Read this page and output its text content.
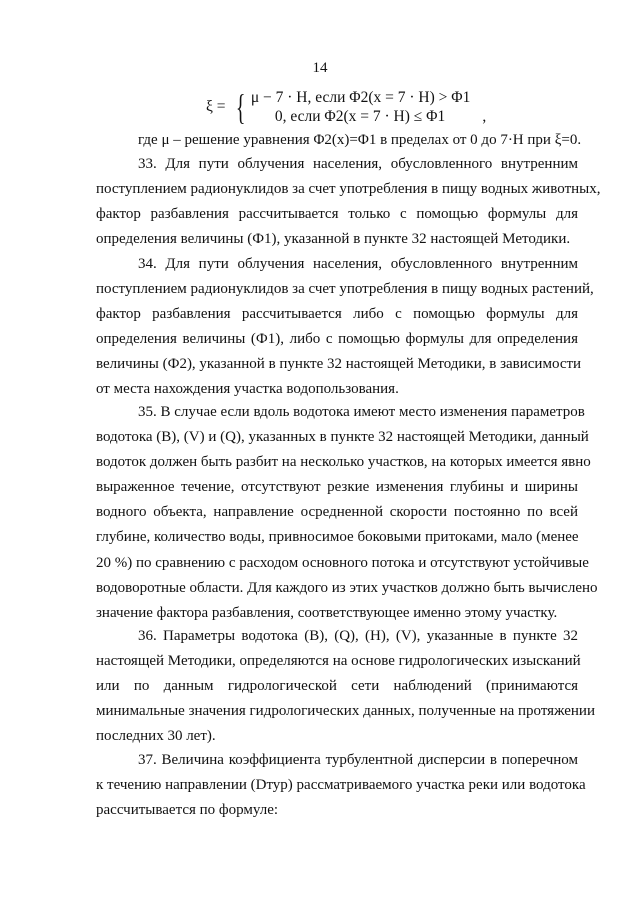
14
ξ = { μ − 7 · H, если Φ2(x = 7 · H) > Φ1
0, если Φ2(x = 7 · H) ≤ Φ1	,

где μ – решение уравнения Φ2(x)=Φ1 в пределах от 0 до 7·H при ξ=0.

33. Для пути облучения населения, обусловленного внутренним
поступлением радионуклидов за счет употребления в пищу водных животных,
фактор разбавления рассчитывается только с помощью формулы для
определения величины (Ф1), указанной в пункте 32 настоящей Методики.

34. Для пути облучения населения, обусловленного внутренним
поступлением радионуклидов за счет употребления в пищу водных растений,
фактор разбавления рассчитывается либо с помощью формулы для
определения величины (Ф1), либо с помощью формулы для определения
величины (Ф2), указанной в пункте 32 настоящей Методики, в зависимости
от места нахождения участка водопользования.

35. В случае если вдоль водотока имеют место изменения параметров
водотока (B), (V) и (Q), указанных в пункте 32 настоящей Методики, данный
водоток должен быть разбит на несколько участков, на которых имеется явно
выраженное течение, отсутствуют резкие изменения глубины и ширины
водного объекта, направление осредненной скорости постоянно по всей
глубине, количество воды, привносимое боковыми притоками, мало (менее
20 %) по сравнению с расходом основного потока и отсутствуют устойчивые
водоворотные области. Для каждого из этих участков должно быть вычислено
значение фактора разбавления, соответствующее именно этому участку.

36. Параметры водотока (B), (Q), (H), (V), указанные в пункте 32
настоящей Методики, определяются на основе гидрологических изысканий
или по данным гидрологической сети наблюдений (принимаются
минимальные значения гидрологических данных, полученные на протяжении
последних 30 лет).

37. Величина коэффициента турбулентной дисперсии в поперечном
к течению направлении (Dтур) рассматриваемого участка реки или водотока
рассчитывается по формуле:
